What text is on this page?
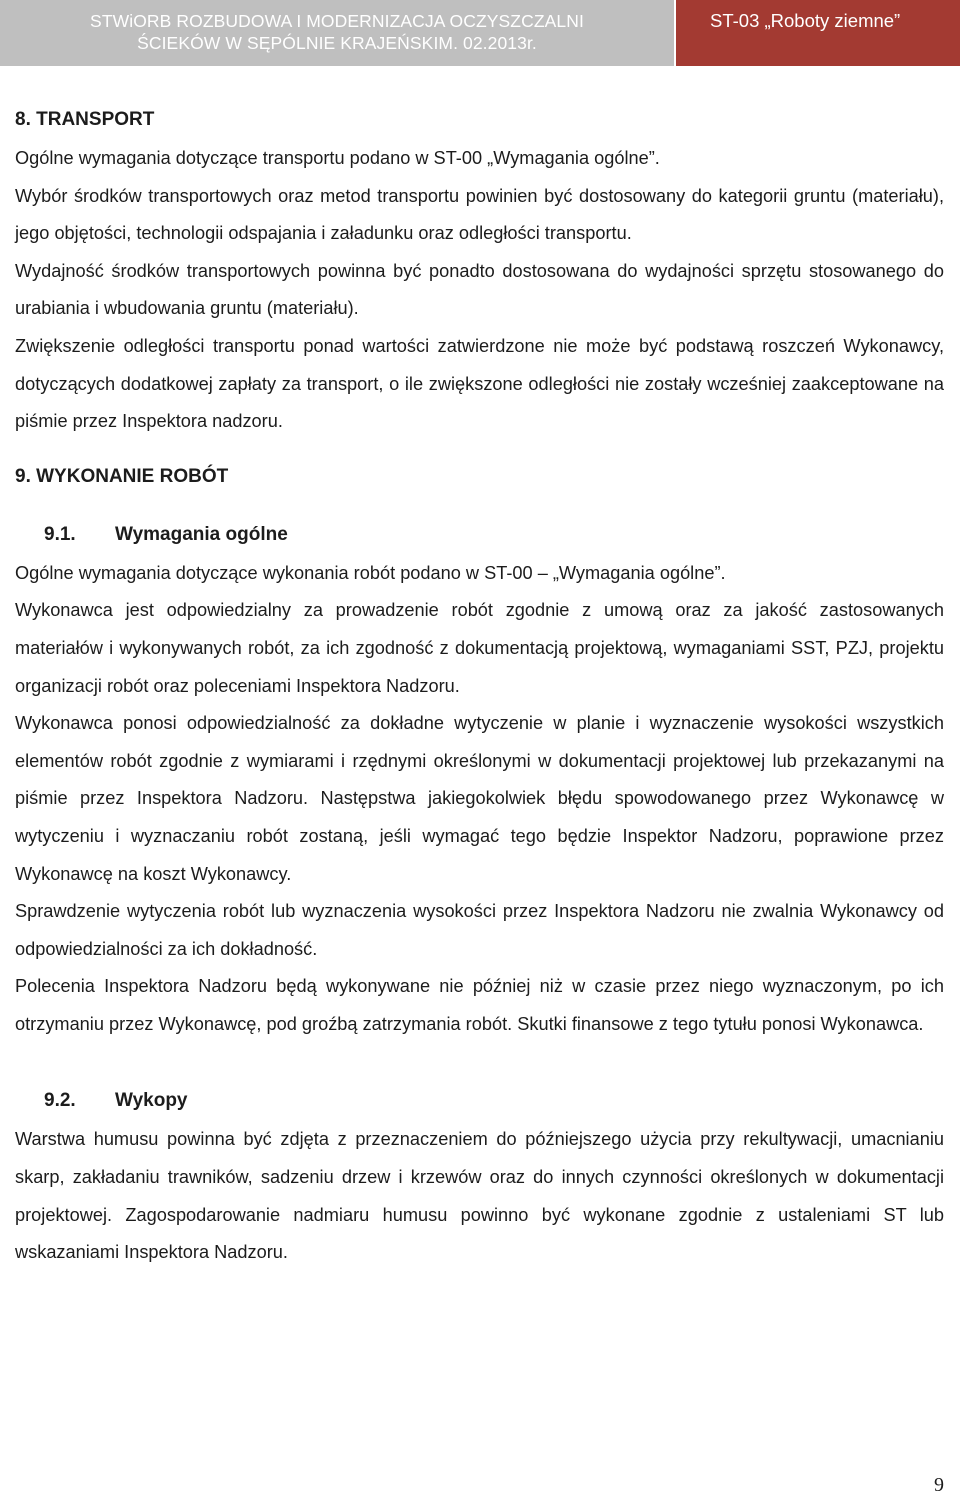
STWiORB ROZBUDOWA I MODERNIZACJA OCZYSZCZALNI
ŚCIEKÓW W SĘPÓLNIE KRAJEŃSKIM. 02.2013r.
ST-03 „Roboty ziemne”
8. TRANSPORT

Ogólne wymagania dotyczące transportu podano w ST-00 „Wymagania ogólne”.

Wybór środków transportowych oraz metod transportu powinien być dostosowany do kategorii gruntu (materiału), jego objętości, technologii odspajania i załadunku oraz odległości transportu.

Wydajność środków transportowych powinna być ponadto dostosowana do wydajności sprzętu stosowanego do urabiania i wbudowania gruntu (materiału).

Zwiększenie odległości transportu ponad wartości zatwierdzone nie może być podstawą roszczeń Wykonawcy, dotyczących dodatkowej zapłaty za transport, o ile zwiększone odległości nie zostały wcześniej zaakceptowane na piśmie przez Inspektora nadzoru.

9. WYKONANIE ROBÓT
9.1. Wymagania ogólne

Ogólne wymagania dotyczące wykonania robót podano w ST-00 – „Wymagania ogólne”.

Wykonawca jest odpowiedzialny za prowadzenie robót zgodnie z umową oraz za jakość zastosowanych materiałów i wykonywanych robót, za ich zgodność z dokumentacją projektową, wymaganiami SST, PZJ, projektu organizacji robót oraz poleceniami Inspektora Nadzoru.

Wykonawca ponosi odpowiedzialność za dokładne wytyczenie w planie i wyznaczenie wysokości wszystkich elementów robót zgodnie z wymiarami i rzędnymi określonymi w dokumentacji projektowej lub przekazanymi na piśmie przez Inspektora Nadzoru. Następstwa jakiegokolwiek błędu spowodowanego przez Wykonawcę w wytyczeniu i wyznaczaniu robót zostaną, jeśli wymagać tego będzie Inspektor Nadzoru, poprawione przez Wykonawcę na koszt Wykonawcy.

Sprawdzenie wytyczenia robót lub wyznaczenia wysokości przez Inspektora Nadzoru nie zwalnia Wykonawcy od odpowiedzialności za ich dokładność.

Polecenia Inspektora Nadzoru będą wykonywane nie później niż w czasie przez niego wyznaczonym, po ich otrzymaniu przez Wykonawcę, pod groźbą zatrzymania robót. Skutki finansowe z tego tytułu ponosi Wykonawca.

9.2. Wykopy

Warstwa humusu powinna być zdjęta z przeznaczeniem do późniejszego użycia przy rekultywacji, umacnianiu skarp, zakładaniu trawników, sadzeniu drzew i krzewów oraz do innych czynności określonych w dokumentacji projektowej. Zagospodarowanie nadmiaru humusu powinno być wykonane zgodnie z ustaleniami ST lub wskazaniami Inspektora Nadzoru.

9
